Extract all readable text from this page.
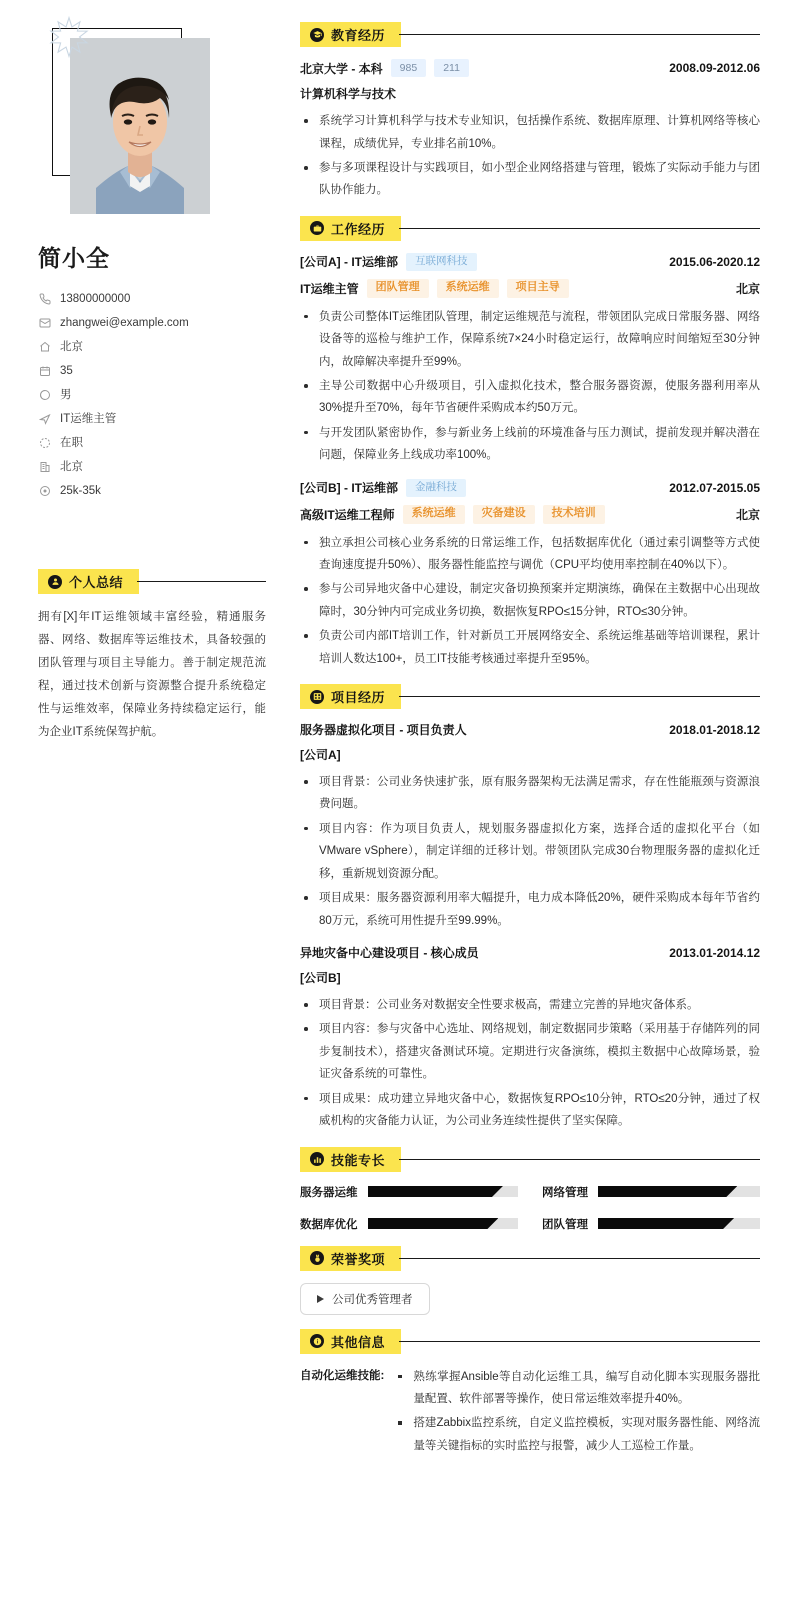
简小全
13800000000
zhangwei@example.com
北京
35
男
IT运维主管
在职
北京
25k-35k
个人总结
拥有[X]年IT运维领域丰富经验，精通服务器、网络、数据库等运维技术，具备较强的团队管理与项目主导能力。善于制定规范流程，通过技术创新与资源整合提升系统稳定性与运维效率，保障业务持续稳定运行，能为企业IT系统保驾护航。
教育经历
北京大学 - 本科	985	211	2008.09-2012.06
计算机科学与技术
系统学习计算机科学与技术专业知识，包括操作系统、数据库原理、计算机网络等核心课程，成绩优异，专业排名前10%。
参与多项课程设计与实践项目，如小型企业网络搭建与管理，锻炼了实际动手能力与团队协作能力。
工作经历
[公司A] - IT运维部	互联网科技	2015.06-2020.12
IT运维主管	团队管理	系统运维	项目主导	北京
负责公司整体IT运维团队管理，制定运维规范与流程，带领团队完成日常服务器、网络设备等的巡检与维护工作，保障系统7×24小时稳定运行，故障响应时间缩短至30分钟内，故障解决率提升至99%。
主导公司数据中心升级项目，引入虚拟化技术，整合服务器资源，使服务器利用率从30%提升至70%，每年节省硬件采购成本约50万元。
与开发团队紧密协作，参与新业务上线前的环境准备与压力测试，提前发现并解决潜在问题，保障业务上线成功率100%。
[公司B] - IT运维部	金融科技	2012.07-2015.05
高级IT运维工程师	系统运维	灾备建设	技术培训	北京
独立承担公司核心业务系统的日常运维工作，包括数据库优化（通过索引调整等方式使查询速度提升50%）、服务器性能监控与调优（CPU平均使用率控制在40%以下）。
参与公司异地灾备中心建设，制定灾备切换预案并定期演练，确保在主数据中心出现故障时，30分钟内可完成业务切换，数据恢复RPO≤15分钟，RTO≤30分钟。
负责公司内部IT培训工作，针对新员工开展网络安全、系统运维基础等培训课程，累计培训人数达100+，员工IT技能考核通过率提升至95%。
项目经历
服务器虚拟化项目 - 项目负责人	2018.01-2018.12
[公司A]
项目背景：公司业务快速扩张，原有服务器架构无法满足需求，存在性能瓶颈与资源浪费问题。
项目内容：作为项目负责人，规划服务器虚拟化方案，选择合适的虚拟化平台（如VMware vSphere），制定详细的迁移计划。带领团队完成30台物理服务器的虚拟化迁移，重新规划资源分配。
项目成果：服务器资源利用率大幅提升，电力成本降低20%，硬件采购成本每年节省约80万元，系统可用性提升至99.99%。
异地灾备中心建设项目 - 核心成员	2013.01-2014.12
[公司B]
项目背景：公司业务对数据安全性要求极高，需建立完善的异地灾备体系。
项目内容：参与灾备中心选址、网络规划，制定数据同步策略（采用基于存储阵列的同步复制技术），搭建灾备测试环境。定期进行灾备演练，模拟主数据中心故障场景，验证灾备系统的可靠性。
项目成果：成功建立异地灾备中心，数据恢复RPO≤10分钟，RTO≤20分钟，通过了权威机构的灾备能力认证，为公司业务连续性提供了坚实保障。
技能专长
服务器运维	网络管理
数据库优化	团队管理
荣誉奖项
公司优秀管理者
其他信息
自动化运维技能:	熟练掌握Ansible等自动化运维工具，编写自动化脚本实现服务器批量配置、软件部署等操作，使日常运维效率提升40%。
搭建Zabbix监控系统，自定义监控模板，实现对服务器性能、网络流量等关键指标的实时监控与报警，减少人工巡检工作量。
